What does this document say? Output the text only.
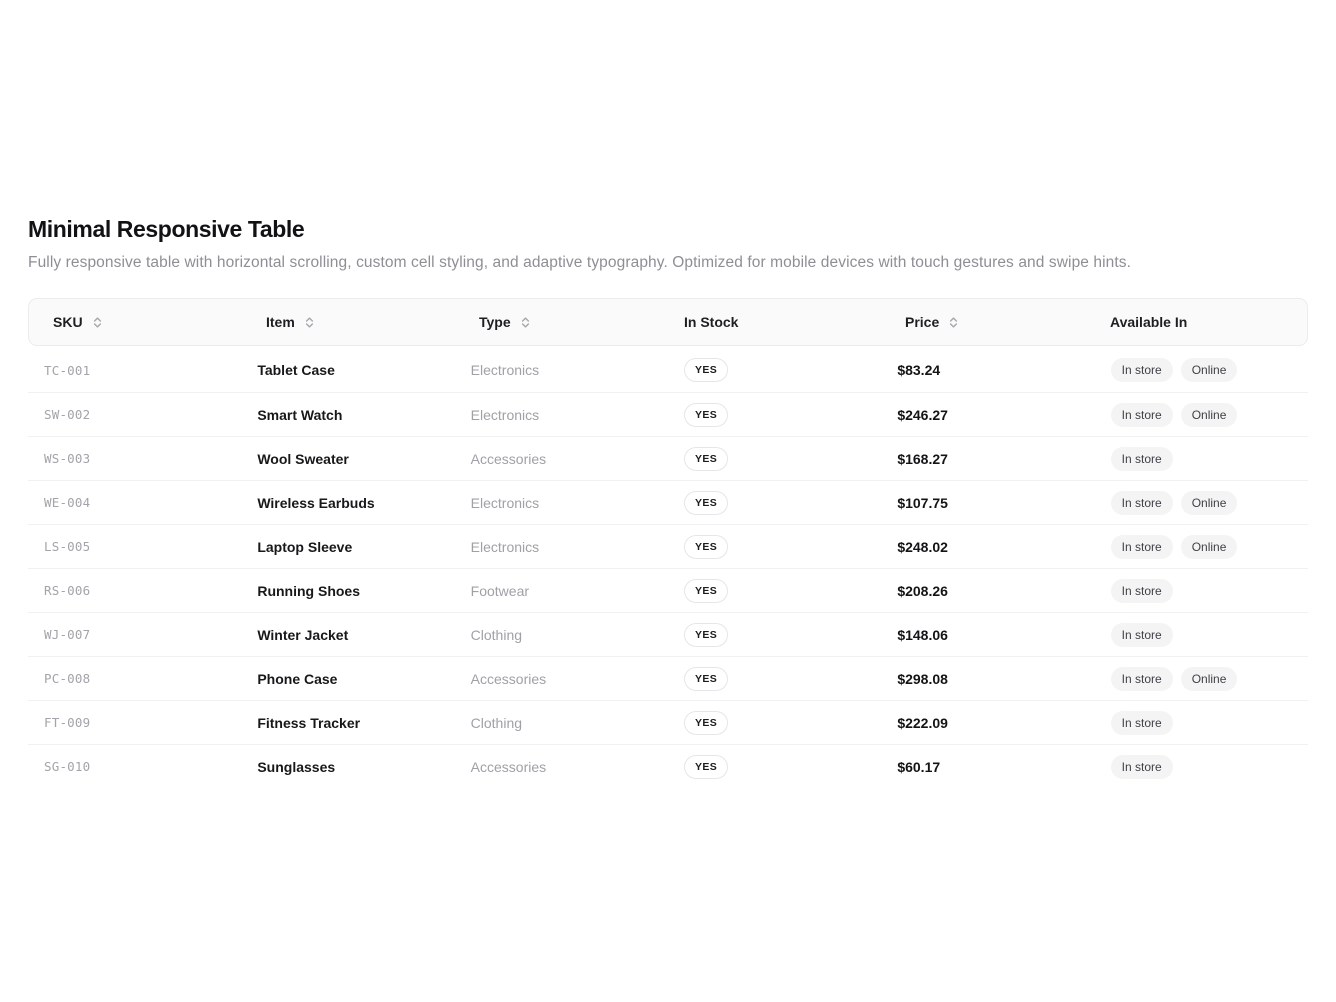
Minimal Responsive Table

Fully responsive table with horizontal scrolling, custom cell styling, and adaptive typography. Optimized for mobile devices with touch gestures and swipe hints.

SKU	Item	Type	In Stock	Price	Available In
TC-001	Tablet Case	Electronics	YES	$83.24	In store	Online
SW-002	Smart Watch	Electronics	YES	$246.27	In store	Online
WS-003	Wool Sweater	Accessories	YES	$168.27	In store
WE-004	Wireless Earbuds	Electronics	YES	$107.75	In store	Online
LS-005	Laptop Sleeve	Electronics	YES	$248.02	In store	Online
RS-006	Running Shoes	Footwear	YES	$208.26	In store
WJ-007	Winter Jacket	Clothing	YES	$148.06	In store
PC-008	Phone Case	Accessories	YES	$298.08	In store	Online
FT-009	Fitness Tracker	Clothing	YES	$222.09	In store
SG-010	Sunglasses	Accessories	YES	$60.17	In store
